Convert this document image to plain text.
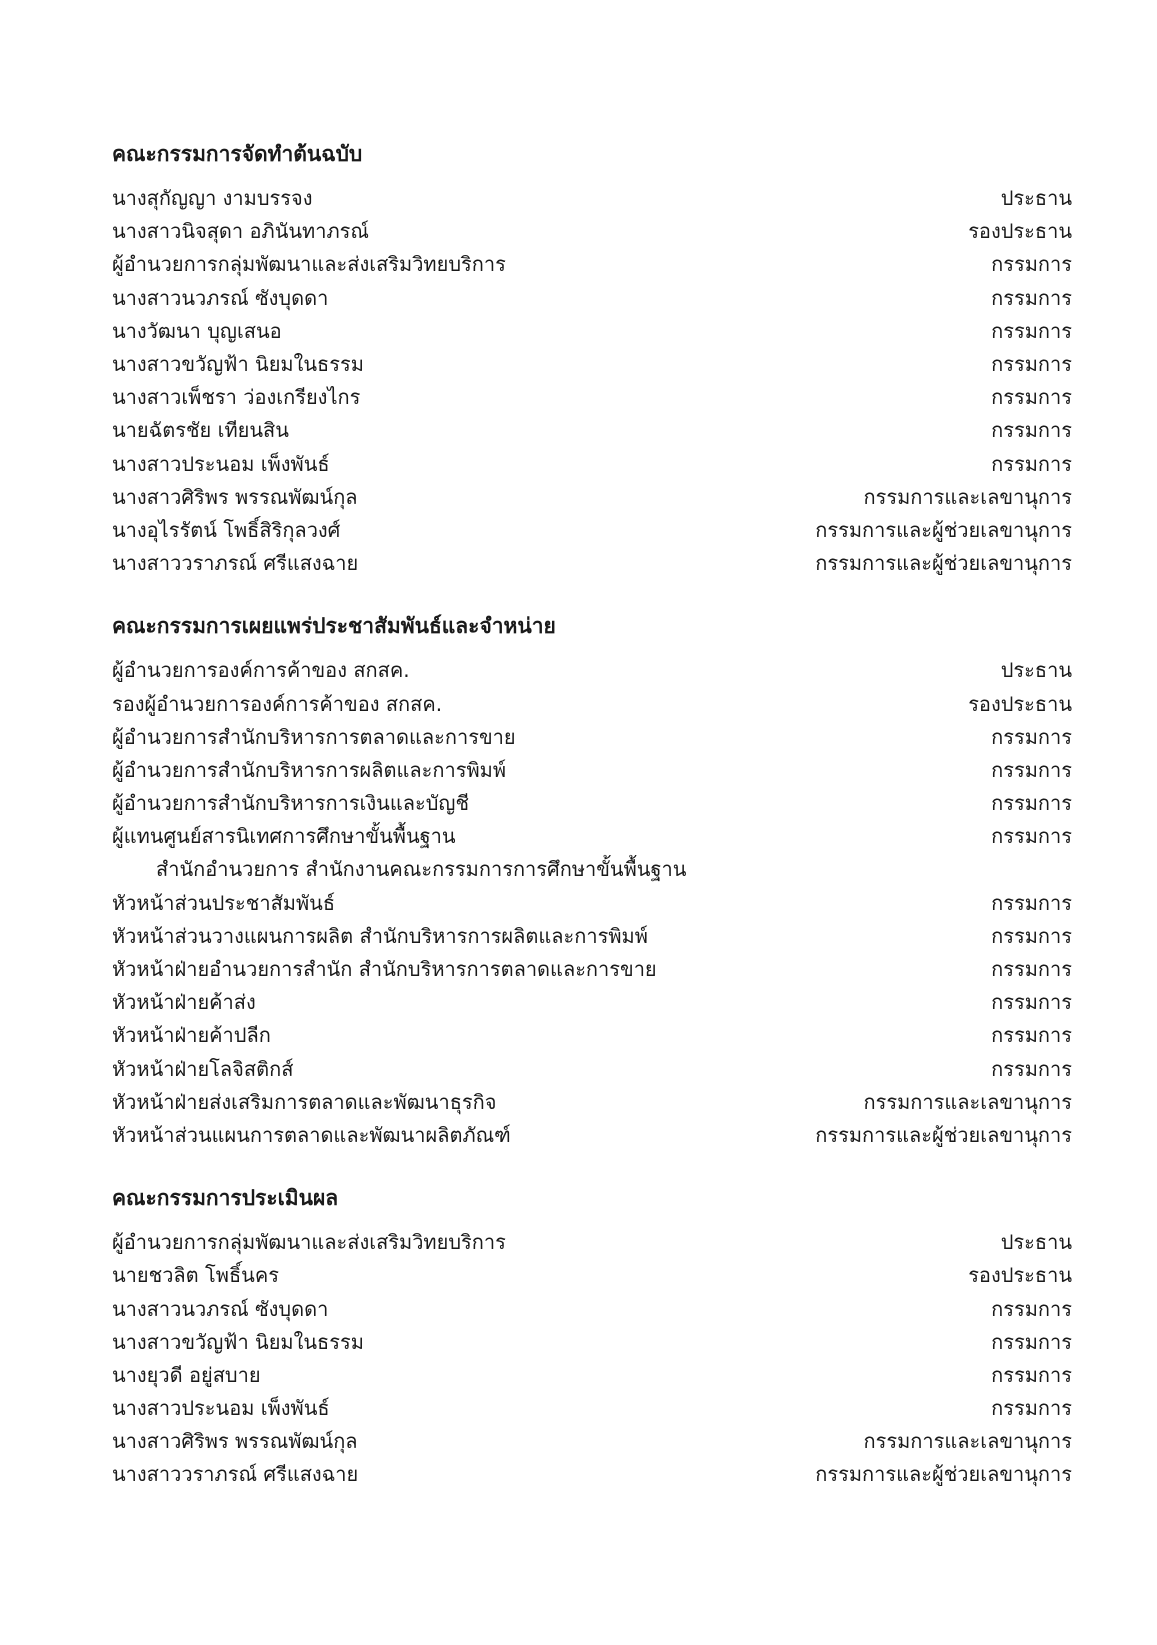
คณะกรรมการจัดทำต้นฉบับ
นางสุกัญญา งามบรรจง	ประธาน
นางสาวนิจสุดา อภินันทาภรณ์	รองประธาน
ผู้อำนวยการกลุ่มพัฒนาและส่งเสริมวิทยบริการ	กรรมการ
นางสาวนวภรณ์ ซังบุดดา	กรรมการ
นางวัฒนา บุญเสนอ	กรรมการ
นางสาวขวัญฟ้า นิยมในธรรม	กรรมการ
นางสาวเพ็ชรา ว่องเกรียงไกร	กรรมการ
นายฉัตรชัย เทียนสิน	กรรมการ
นางสาวประนอม เพ็งพันธ์	กรรมการ
นางสาวศิริพร พรรณพัฒน์กุล	กรรมการและเลขานุการ
นางอุไรรัตน์ โพธิ์สิริกุลวงศ์	กรรมการและผู้ช่วยเลขานุการ
นางสาววราภรณ์ ศรีแสงฉาย	กรรมการและผู้ช่วยเลขานุการ
คณะกรรมการเผยแพร่ประชาสัมพันธ์และจำหน่าย
ผู้อำนวยการองค์การค้าของ สกสค.	ประธาน
รองผู้อำนวยการองค์การค้าของ สกสค.	รองประธาน
ผู้อำนวยการสำนักบริหารการตลาดและการขาย	กรรมการ
ผู้อำนวยการสำนักบริหารการผลิตและการพิมพ์	กรรมการ
ผู้อำนวยการสำนักบริหารการเงินและบัญชี	กรรมการ
ผู้แทนศูนย์สารนิเทศการศึกษาขั้นพื้นฐาน	กรรมการ
สำนักอำนวยการ สำนักงานคณะกรรมการการศึกษาขั้นพื้นฐาน
หัวหน้าส่วนประชาสัมพันธ์	กรรมการ
หัวหน้าส่วนวางแผนการผลิต สำนักบริหารการผลิตและการพิมพ์	กรรมการ
หัวหน้าฝ่ายอำนวยการสำนัก สำนักบริหารการตลาดและการขาย	กรรมการ
หัวหน้าฝ่ายค้าส่ง	กรรมการ
หัวหน้าฝ่ายค้าปลีก	กรรมการ
หัวหน้าฝ่ายโลจิสติกส์	กรรมการ
หัวหน้าฝ่ายส่งเสริมการตลาดและพัฒนาธุรกิจ	กรรมการและเลขานุการ
หัวหน้าส่วนแผนการตลาดและพัฒนาผลิตภัณฑ์	กรรมการและผู้ช่วยเลขานุการ
คณะกรรมการประเมินผล
ผู้อำนวยการกลุ่มพัฒนาและส่งเสริมวิทยบริการ	ประธาน
นายชวลิต โพธิ์นคร	รองประธาน
นางสาวนวภรณ์ ซังบุดดา	กรรมการ
นางสาวขวัญฟ้า นิยมในธรรม	กรรมการ
นางยุวดี อยู่สบาย	กรรมการ
นางสาวประนอม เพ็งพันธ์	กรรมการ
นางสาวศิริพร พรรณพัฒน์กุล	กรรมการและเลขานุการ
นางสาววราภรณ์ ศรีแสงฉาย	กรรมการและผู้ช่วยเลขานุการ
